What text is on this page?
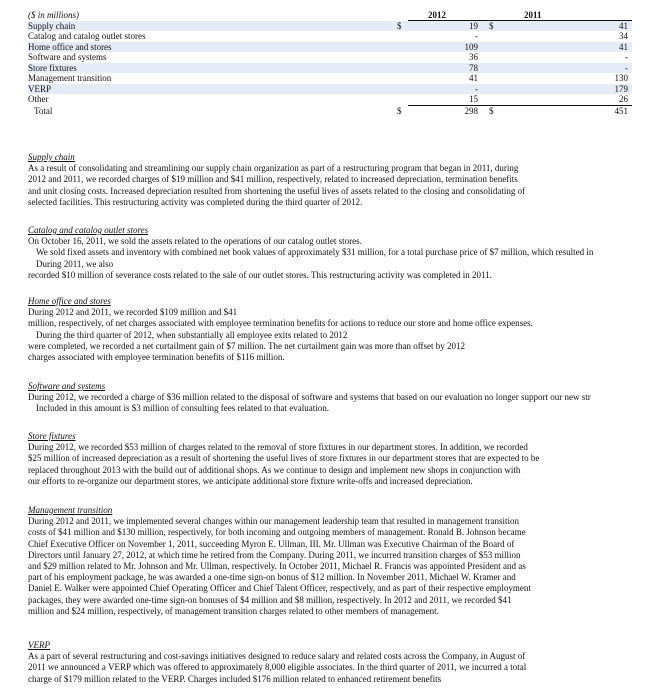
($ in millions)	2012	2011
Supply chain	$	19 $	41
Catalog and catalog outlet stores	-	34
Home office and stores	109	41
Software and systems	36	-
Store fixtures	78	-
Management transition	41	130
VERP	-	179
Other	15	26
Total	$	298 $	451
Supply chain

As a result of consolidating and streamlining our supply chain organization as part of a restructuring program that began in 2011, during

2012 and 2011, we recorded charges of $19 million and $41 million, respectively, related to increased depreciation, termination benefits

and unit closing costs. Increased depreciation resulted from shortening the useful lives of assets related to the closing and consolidating of

selected facilities. This restructuring activity was completed during the third quarter of 2012.

Catalog and catalog outlet stores

On October 16, 2011, we sold the assets related to the operations of our catalog outlet stores.

We sold fixed assets and inventory with combined net book values of approximately $31 million, for a total purchase price of $7 million, which resulted in

During 2011, we also

recorded $10 million of severance costs related to the sale of our outlet stores. This restructuring activity was completed in 2011.

Home office and stores

During 2012 and 2011, we recorded $109 million and $41

million, respectively, of net charges associated with employee termination benefits for actions to reduce our store and home office expenses.

During the third quarter of 2012, when substantially all employee exits related to 2012

were completed, we recorded a net curtailment gain of $7 million. The net curtailment gain was more than offset by 2012

charges associated with employee termination benefits of $116 million.

Software and systems

During 2012, we recorded a charge of $36 million related to the disposal of software and systems that based on our evaluation no longer support our new str

Included in this amount is $3 million of consulting fees related to that evaluation.

Store fixtures

During 2012, we recorded $53 million of charges related to the removal of store fixtures in our department stores. In addition, we recorded

$25 million of increased depreciation as a result of shortening the useful lives of store fixtures in our department stores that are expected to be

replaced throughout 2013 with the build out of additional shops. As we continue to design and implement new shops in conjunction with

our efforts to re-organize our department stores, we anticipate additional store fixture write-offs and increased depreciation.

Management transition

During 2012 and 2011, we implemented several changes within our management leadership team that resulted in management transition

costs of $41 million and $130 million, respectively, for both incoming and outgoing members of management. Ronald B. Johnson became

Chief Executive Officer on November 1, 2011, succeeding Myron E. Ullman, III. Mr. Ullman was Executive Chairman of the Board of

Directors until January 27, 2012, at which time he retired from the Company. During 2011, we incurred transition charges of $53 million

and $29 million related to Mr. Johnson and Mr. Ullman, respectively. In October 2011, Michael R. Francis was appointed President and as

part of his employment package, he was awarded a one-time sign-on bonus of $12 million. In November 2011, Michael W. Kramer and

Daniel E. Walker were appointed Chief Operating Officer and Chief Talent Officer, respectively, and as part of their respective employment

packages, they were awarded one-time sign-on bonuses of $4 million and $8 million, respectively. In 2012 and 2011, we recorded $41

million and $24 million, respectively, of management transition charges related to other members of management.

VERP

As a part of several restructuring and cost-savings initiatives designed to reduce salary and related costs across the Company, in August of

2011 we announced a VERP which was offered to approximately 8,000 eligible associates. In the third quarter of 2011, we incurred a total

charge of $179 million related to the VERP. Charges included $176 million related to enhanced retirement benefits
